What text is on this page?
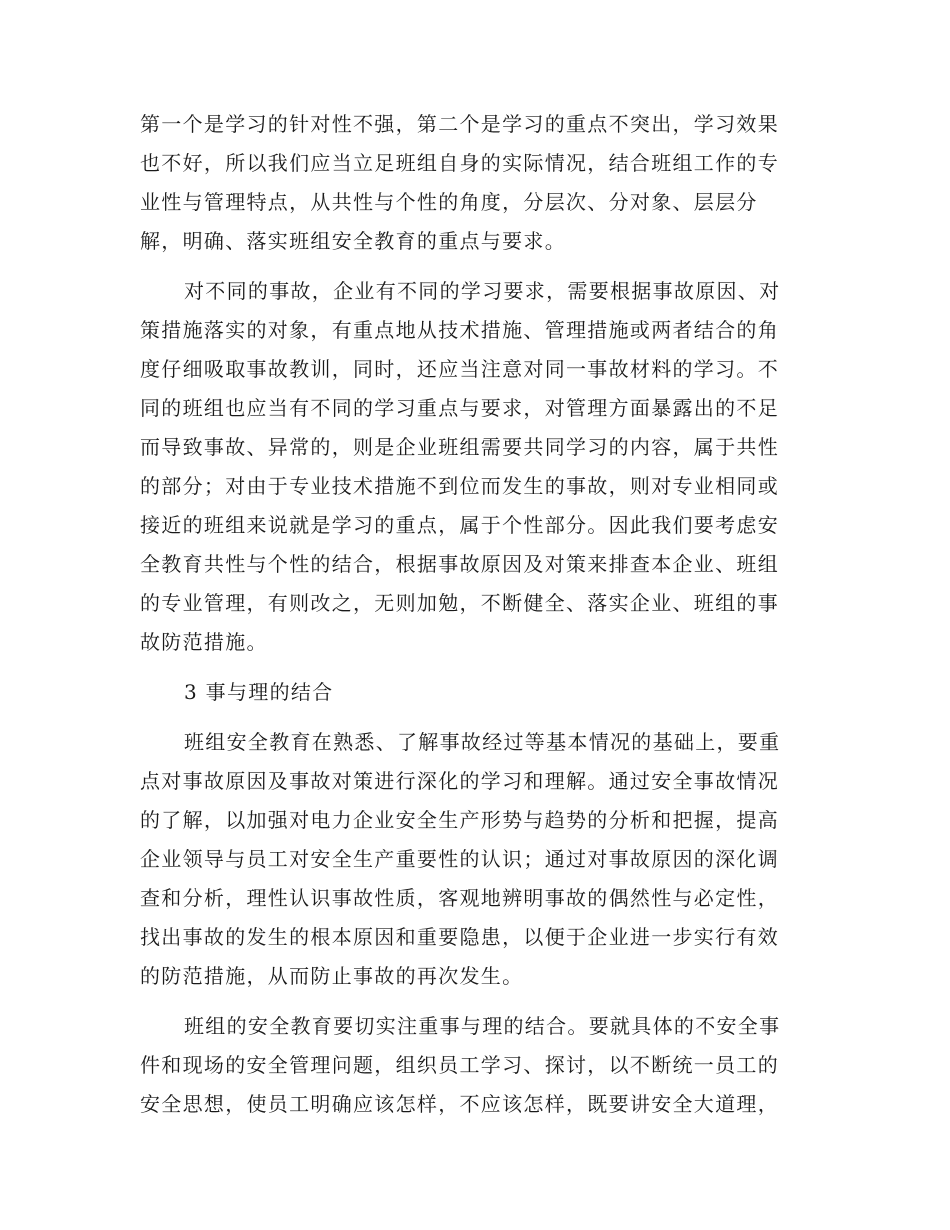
第一个是学习的针对性不强，第二个是学习的重点不突出，学习效果
也不好，所以我们应当立足班组自身的实际情况，结合班组工作的专
业性与管理特点，从共性与个性的角度，分层次、分对象、层层分
解，明确、落实班组安全教育的重点与要求。
对不同的事故，企业有不同的学习要求，需要根据事故原因、对
策措施落实的对象，有重点地从技术措施、管理措施或两者结合的角
度仔细吸取事故教训，同时，还应当注意对同一事故材料的学习。不
同的班组也应当有不同的学习重点与要求，对管理方面暴露出的不足
而导致事故、异常的，则是企业班组需要共同学习的内容，属于共性
的部分；对由于专业技术措施不到位而发生的事故，则对专业相同或
接近的班组来说就是学习的重点，属于个性部分。因此我们要考虑安
全教育共性与个性的结合，根据事故原因及对策来排查本企业、班组
的专业管理，有则改之，无则加勉，不断健全、落实企业、班组的事
故防范措施。
3 事与理的结合
班组安全教育在熟悉、了解事故经过等基本情况的基础上，要重
点对事故原因及事故对策进行深化的学习和理解。通过安全事故情况
的了解，以加强对电力企业安全生产形势与趋势的分析和把握，提高
企业领导与员工对安全生产重要性的认识；通过对事故原因的深化调
查和分析，理性认识事故性质，客观地辨明事故的偶然性与必定性，
找出事故的发生的根本原因和重要隐患，以便于企业进一步实行有效
的防范措施，从而防止事故的再次发生。
班组的安全教育要切实注重事与理的结合。要就具体的不安全事
件和现场的安全管理问题，组织员工学习、探讨，以不断统一员工的
安全思想，使员工明确应该怎样，不应该怎样，既要讲安全大道理，
